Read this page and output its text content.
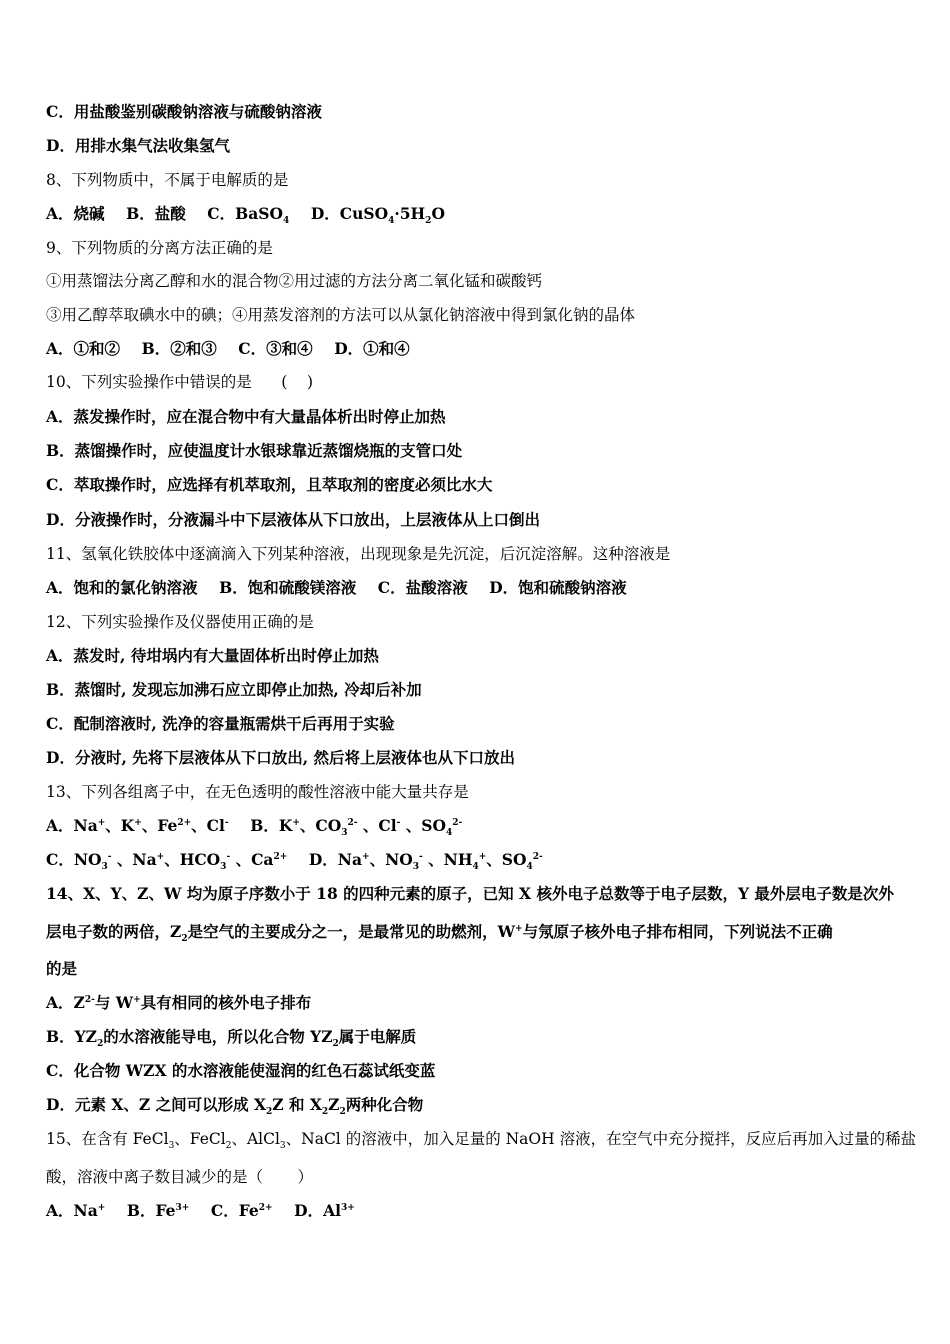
C．用盐酸鉴别碳酸钠溶液与硫酸钠溶液
D．用排水集气法收集氢气
8、下列物质中，不属于电解质的是
A．烧碱    B．盐酸    C．BaSO$_4$    D．$CuSO_4\cdot 5H_2O$
9、下列物质的分离方法正确的是
①用蒸馏法分离乙醇和水的混合物②用过滤的方法分离二氧化锰和碳酸钙
③用乙醇萃取碘水中的碘；④用蒸发溶剂的方法可以从氯化钠溶液中得到氯化钠的晶体
A．①和②    B．②和③    C．③和④    D．①和④
10、下列实验操作中错误的是      (    )
A．蒸发操作时，应在混合物中有大量晶体析出时停止加热
B．蒸馏操作时，应使温度计水银球靠近蒸馏烧瓶的支管口处
C．萃取操作时，应选择有机萃取剂，且萃取剂的密度必须比水大
D．分液操作时，分液漏斗中下层液体从下口放出，上层液体从上口倒出
11、氢氧化铁胶体中逐滴滴入下列某种溶液，出现现象是先沉淀，后沉淀溶解。这种溶液是
A．饱和的氯化钠溶液    B．饱和硫酸镁溶液    C．盐酸溶液    D．饱和硫酸钠溶液
12、下列实验操作及仪器使用正确的是
A．蒸发时, 待坩埚内有大量固体析出时停止加热
B．蒸馏时, 发现忘加沸石应立即停止加热, 冷却后补加
C．配制溶液时, 洗净的容量瓶需烘干后再用于实验
D．分液时, 先将下层液体从下口放出, 然后将上层液体也从下口放出
13、下列各组离子中，在无色透明的酸性溶液中能大量共存是
A．Na+、K+、$Fe^{2+}$、Cl-    B．K+、$CO_3^{2-}$ 、Cl- 、$SO_4^{2-}$
C．$NO_3^-$ 、Na+、$HCO_3^-$ 、$Ca^{2+}$    D．Na+、$NO_3^-$ 、$NH_4^+$、$SO_4^{2-}$
14、X、Y、Z、W 均为原子序数小于 18 的四种元素的原子，已知 X 核外电子总数等于电子层数，Y 最外层电子数是次外
层电子数的两倍，$Z_2$是空气的主要成分之一，是最常见的助燃剂，W+与氖原子核外电子排布相同，下列说法不正确
的是
A．$Z^{2-}$与 W+具有相同的核外电子排布
B．$YZ_2$的水溶液能导电，所以化合物 $YZ_2$属于电解质
C．化合物 WZX 的水溶液能使湿润的红色石蕊试纸变蓝
D．元素 X、Z 之间可以形成 $X_2Z$ 和 $X_2Z_2$两种化合物
15、在含有 FeCl$_3$、FeCl$_2$、AlCl$_3$、NaCl 的溶液中，加入足量的 NaOH 溶液，在空气中充分搅拌，反应后再加入过量的稀盐
酸，溶液中离子数目减少的是（       ）
A．Na+    B．$Fe^{3+}$    C．$Fe^{2+}$    D．$Al^{3+}$
